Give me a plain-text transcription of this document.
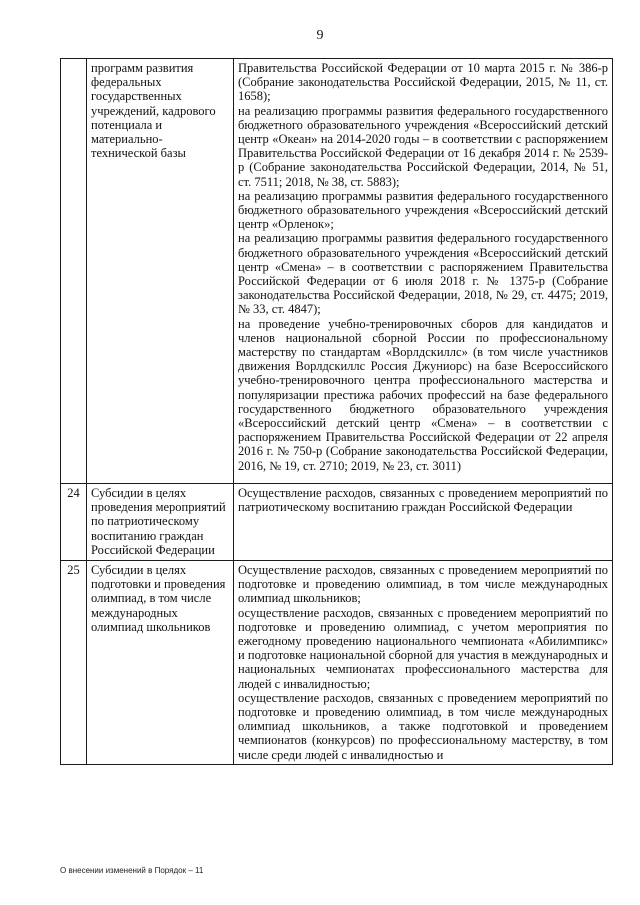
9
	программ развития федеральных государственных учреждений, кадрового потенциала и материально-технической базы	Правительства Российской Федерации от 10 марта 2015 г. № 386-р (Собрание законодательства Российской Федерации, 2015, № 11, ст. 1658);
на реализацию программы развития федерального государственного бюджетного образовательного учреждения «Всероссийский детский центр «Океан» на 2014-2020 годы – в соответствии с распоряжением Правительства Российской Федерации от 16 декабря 2014 г. № 2539-р (Собрание законодательства Российской Федерации, 2014, № 51, ст. 7511; 2018, № 38, ст. 5883);
на реализацию программы развития федерального государственного бюджетного образовательного учреждения «Всероссийский детский центр «Орленок»;
на реализацию программы развития федерального государственного бюджетного образовательного учреждения «Всероссийский детский центр «Смена» – в соответствии с распоряжением Правительства Российской Федерации от 6 июля 2018 г. № 1375-р (Собрание законодательства Российской Федерации, 2018, № 29, ст. 4475; 2019, № 33, ст. 4847);
на проведение учебно-тренировочных сборов для кандидатов и членов национальной сборной России по профессиональному мастерству по стандартам «Ворлдскиллс» (в том числе участников движения Ворлдскиллс Россия Джуниорс) на базе Всероссийского учебно-тренировочного центра профессионального мастерства и популяризации престижа рабочих профессий на базе федерального государственного бюджетного образовательного учреждения «Всероссийский детский центр «Смена» – в соответствии с распоряжением Правительства Российской Федерации от 22 апреля 2016 г. № 750-р (Собрание законодательства Российской Федерации, 2016, № 19, ст. 2710; 2019, № 23, ст. 3011)

24	Субсидии в целях проведения мероприятий по патриотическому воспитанию граждан Российской Федерации	Осуществление расходов, связанных с проведением мероприятий по патриотическому воспитанию граждан Российской Федерации

25	Субсидии в целях подготовки и проведения олимпиад, в том числе международных олимпиад школьников	Осуществление расходов, связанных с проведением мероприятий по подготовке и проведению олимпиад, в том числе международных олимпиад школьников;
осуществление расходов, связанных с проведением мероприятий по подготовке и проведению олимпиад, с учетом мероприятия по ежегодному проведению национального чемпионата «Абилимпикс» и подготовке национальной сборной для участия в международных и национальных чемпионатах профессионального мастерства для людей с инвалидностью;
осуществление расходов, связанных с проведением мероприятий по подготовке и проведению олимпиад, в том числе международных олимпиад школьников, а также подготовкой и проведением чемпионатов (конкурсов) по профессиональному мастерству, в том числе среди людей с инвалидностью и
О внесении изменений в Порядок – 11
